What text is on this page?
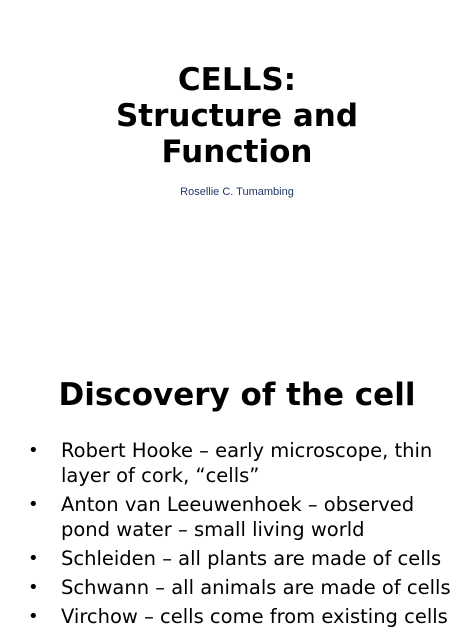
CELLS:
Structure and
Function
Rosellie C. Tumambing
Discovery of the cell
• Robert Hooke – early microscope, thin layer of cork, “cells”
• Anton van Leeuwenhoek – observed pond water – small living world
• Schleiden – all plants are made of cells
• Schwann – all animals are made of cells
• Virchow – cells come from existing cells
